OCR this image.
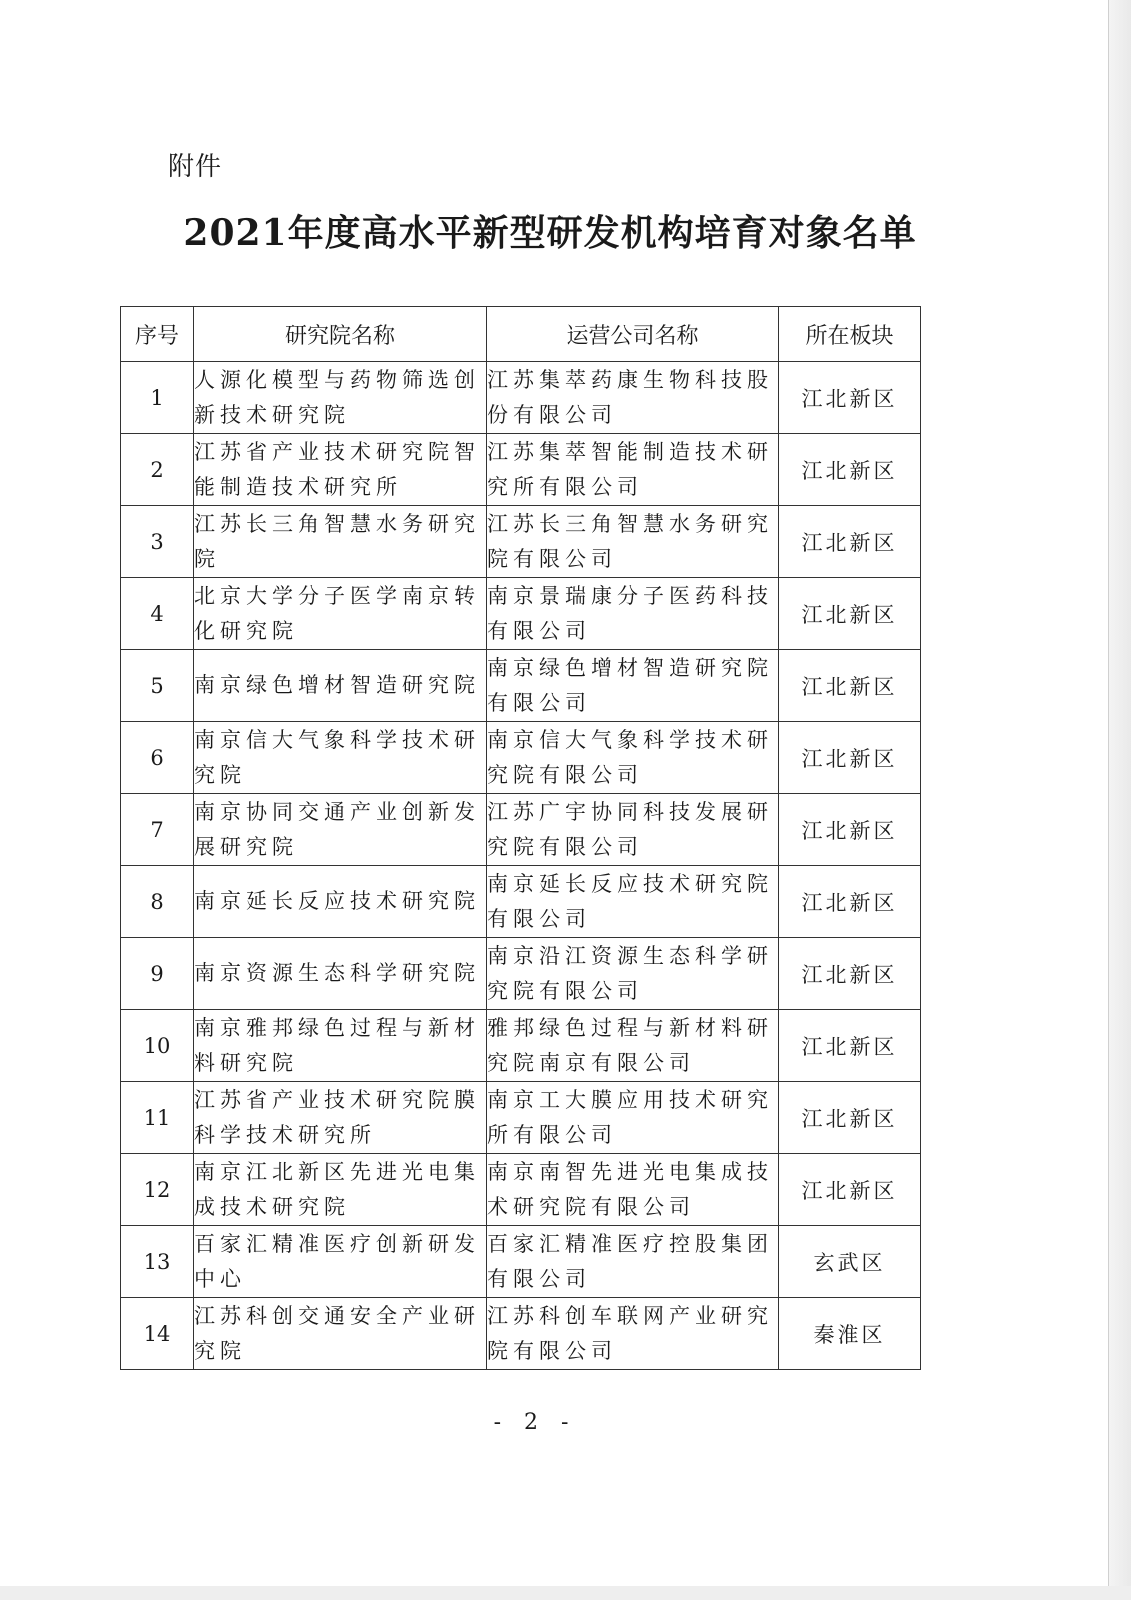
附件
2021年度高水平新型研发机构培育对象名单
序号	研究院名称	运营公司名称	所在板块
1	人源化模型与药物筛选创新技术研究院	江苏集萃药康生物科技股份有限公司	江北新区
2	江苏省产业技术研究院智能制造技术研究所	江苏集萃智能制造技术研究所有限公司	江北新区
3	江苏长三角智慧水务研究院	江苏长三角智慧水务研究院有限公司	江北新区
4	北京大学分子医学南京转化研究院	南京景瑞康分子医药科技有限公司	江北新区
5	南京绿色增材智造研究院	南京绿色增材智造研究院有限公司	江北新区
6	南京信大气象科学技术研究院	南京信大气象科学技术研究院有限公司	江北新区
7	南京协同交通产业创新发展研究院	江苏广宇协同科技发展研究院有限公司	江北新区
8	南京延长反应技术研究院	南京延长反应技术研究院有限公司	江北新区
9	南京资源生态科学研究院	南京沿江资源生态科学研究院有限公司	江北新区
10	南京雅邦绿色过程与新材料研究院	雅邦绿色过程与新材料研究院南京有限公司	江北新区
11	江苏省产业技术研究院膜科学技术研究所	南京工大膜应用技术研究所有限公司	江北新区
12	南京江北新区先进光电集成技术研究院	南京南智先进光电集成技术研究院有限公司	江北新区
13	百家汇精准医疗创新研发中心	百家汇精准医疗控股集团有限公司	玄武区
14	江苏科创交通安全产业研究院	江苏科创车联网产业研究院有限公司	秦淮区
- 2 -
